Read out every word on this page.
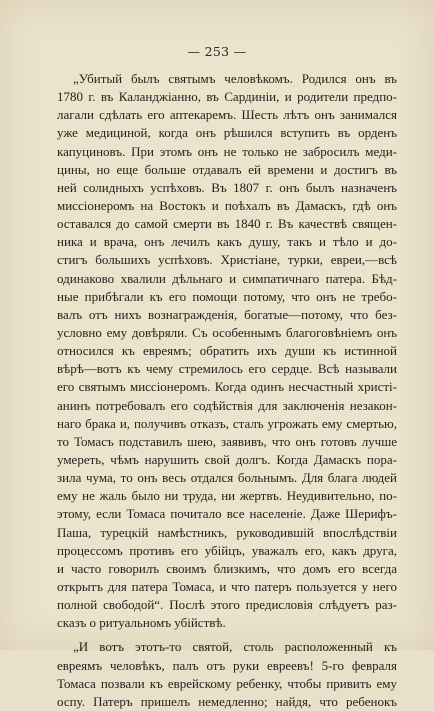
— 253 —
„Убитый былъ святымъ человѣкомъ. Родился онъ въ
1780 г. въ Каланджіанно, въ Сардиніи, и родители предпо-
лагали сдѣлать его аптекаремъ. Шесть лѣтъ онъ занимался
уже медициной, когда онъ рѣшился вступить въ орденъ
капуциновъ. При этомъ онъ не только не забросилъ меди-
цины, но еще больше отдавалъ ей времени и достигъ въ
ней солидныхъ успѣховъ. Въ 1807 г. онъ былъ назначенъ
миссіонеромъ на Востокъ и поѣхалъ въ Дамаскъ, гдѣ онъ
оставался до самой смерти въ 1840 г. Въ качествѣ священ-
ника и врача, онъ лечилъ какъ душу, такъ и тѣло и до-
стигъ большихъ успѣховъ. Христіане, турки, евреи,—всѣ
одинаково хвалили дѣльнаго и симпатичнаго патера. Бѣд-
ные прибѣгали къ его помощи потому, что онъ не требо-
валъ отъ нихъ вознагражденія, богатые—потому, что без-
условно ему довѣряли. Съ особеннымъ благоговѣніемъ онъ
относился къ евреямъ; обратить ихъ души къ истинной
вѣрѣ—вотъ къ чему стремилось его сердце. Всѣ называли
его святымъ миссіонеромъ. Когда одинъ несчастный христі-
анинъ потребовалъ его содѣйствія для заключенія незакон-
наго брака и, получивъ отказъ, сталъ угрожать ему смертью,
то Томасъ подставилъ шею, заявивъ, что онъ готовъ лучше
умереть, чѣмъ нарушить свой долгъ. Когда Дамаскъ пора-
зила чума, то онъ весь отдался больнымъ. Для блага людей
ему не жаль было ни труда, ни жертвъ. Неудивительно, по-
этому, если Томаса почитало все населеніе. Даже Шерифъ-
Паша, турецкій намѣстникъ, руководившій впослѣдствіи
процессомъ противъ его убійцъ, уважалъ его, какъ друга,
и часто говорилъ своимъ близкимъ, что домъ его всегда
открытъ для патера Томаса, и что патеръ пользуется у него
полной свободой“. Послѣ этого предисловія слѣдуетъ раз-
сказъ о ритуальномъ убійствѣ.
„И вотъ этотъ-то святой, столь расположенный къ
евреямъ человѣкъ, палъ отъ руки евреевъ! 5-го февраля
Томаса позвали къ еврейскому ребенку, чтобы привить ему
оспу. Патеръ пришелъ немедленно; найдя, что ребенокъ
